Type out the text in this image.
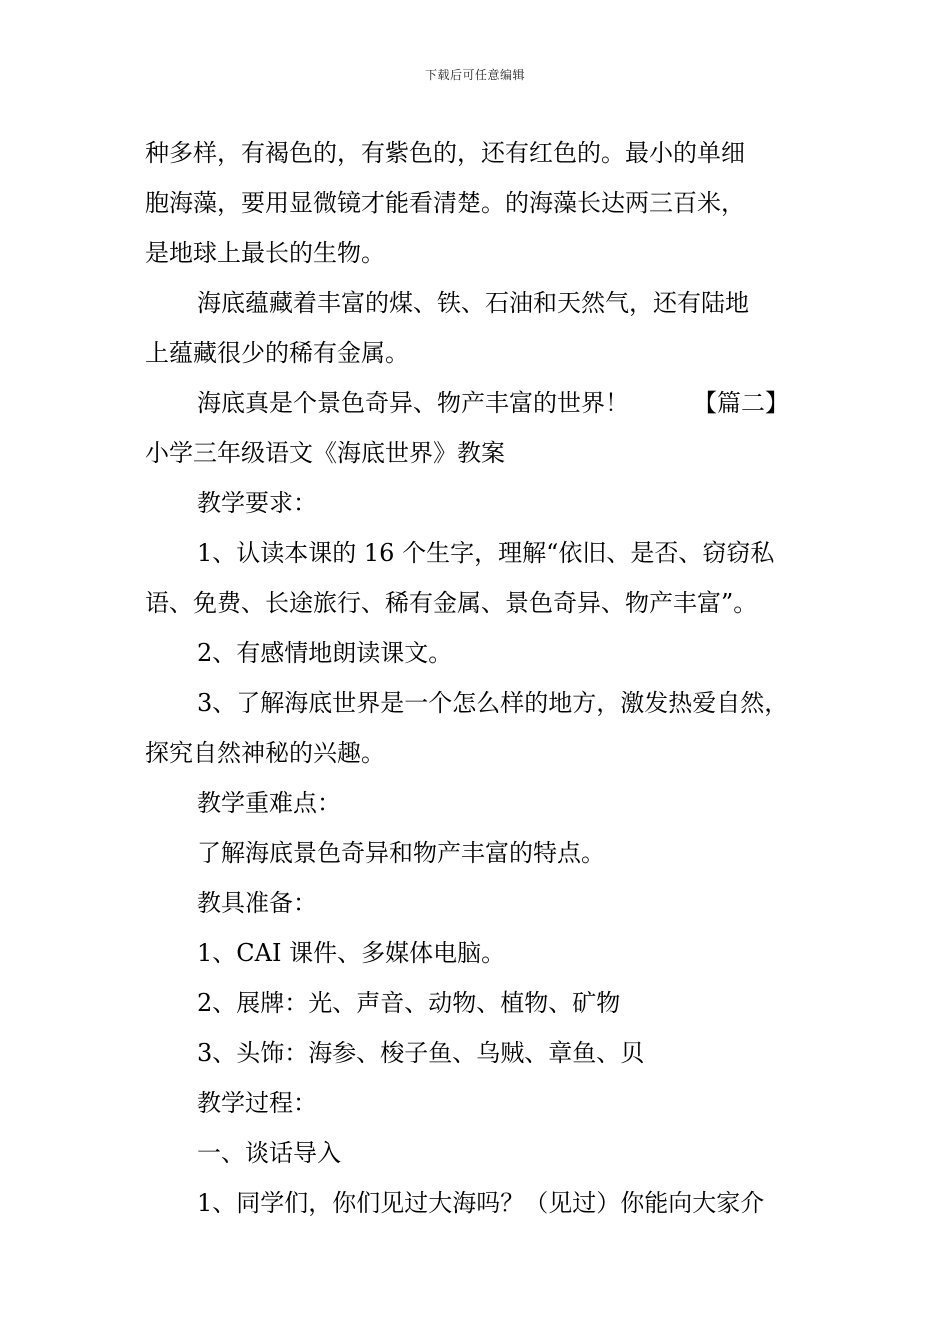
下载后可任意编辑
种多样，有褐色的，有紫色的，还有红色的。最小的单细
胞海藻，要用显微镜才能看清楚。的海藻长达两三百米，
是地球上最长的生物。
海底蕴藏着丰富的煤、铁、石油和天然气，还有陆地
上蕴藏很少的稀有金属。
海底真是个景色奇异、物产丰富的世界！	【篇二】
小学三年级语文《海底世界》教案
教学要求：
1、认读本课的 16 个生字，理解“依旧、是否、窃窃私
语、免费、长途旅行、稀有金属、景色奇异、物产丰富”。
2、有感情地朗读课文。
3、了解海底世界是一个怎么样的地方，激发热爱自然，
探究自然神秘的兴趣。
教学重难点：
了解海底景色奇异和物产丰富的特点。
教具准备：
1、CAI 课件、多媒体电脑。
2、展牌：光、声音、动物、植物、矿物
3、头饰：海参、梭子鱼、乌贼、章鱼、贝
教学过程：
一、谈话导入
1、同学们，你们见过大海吗？（见过）你能向大家介
